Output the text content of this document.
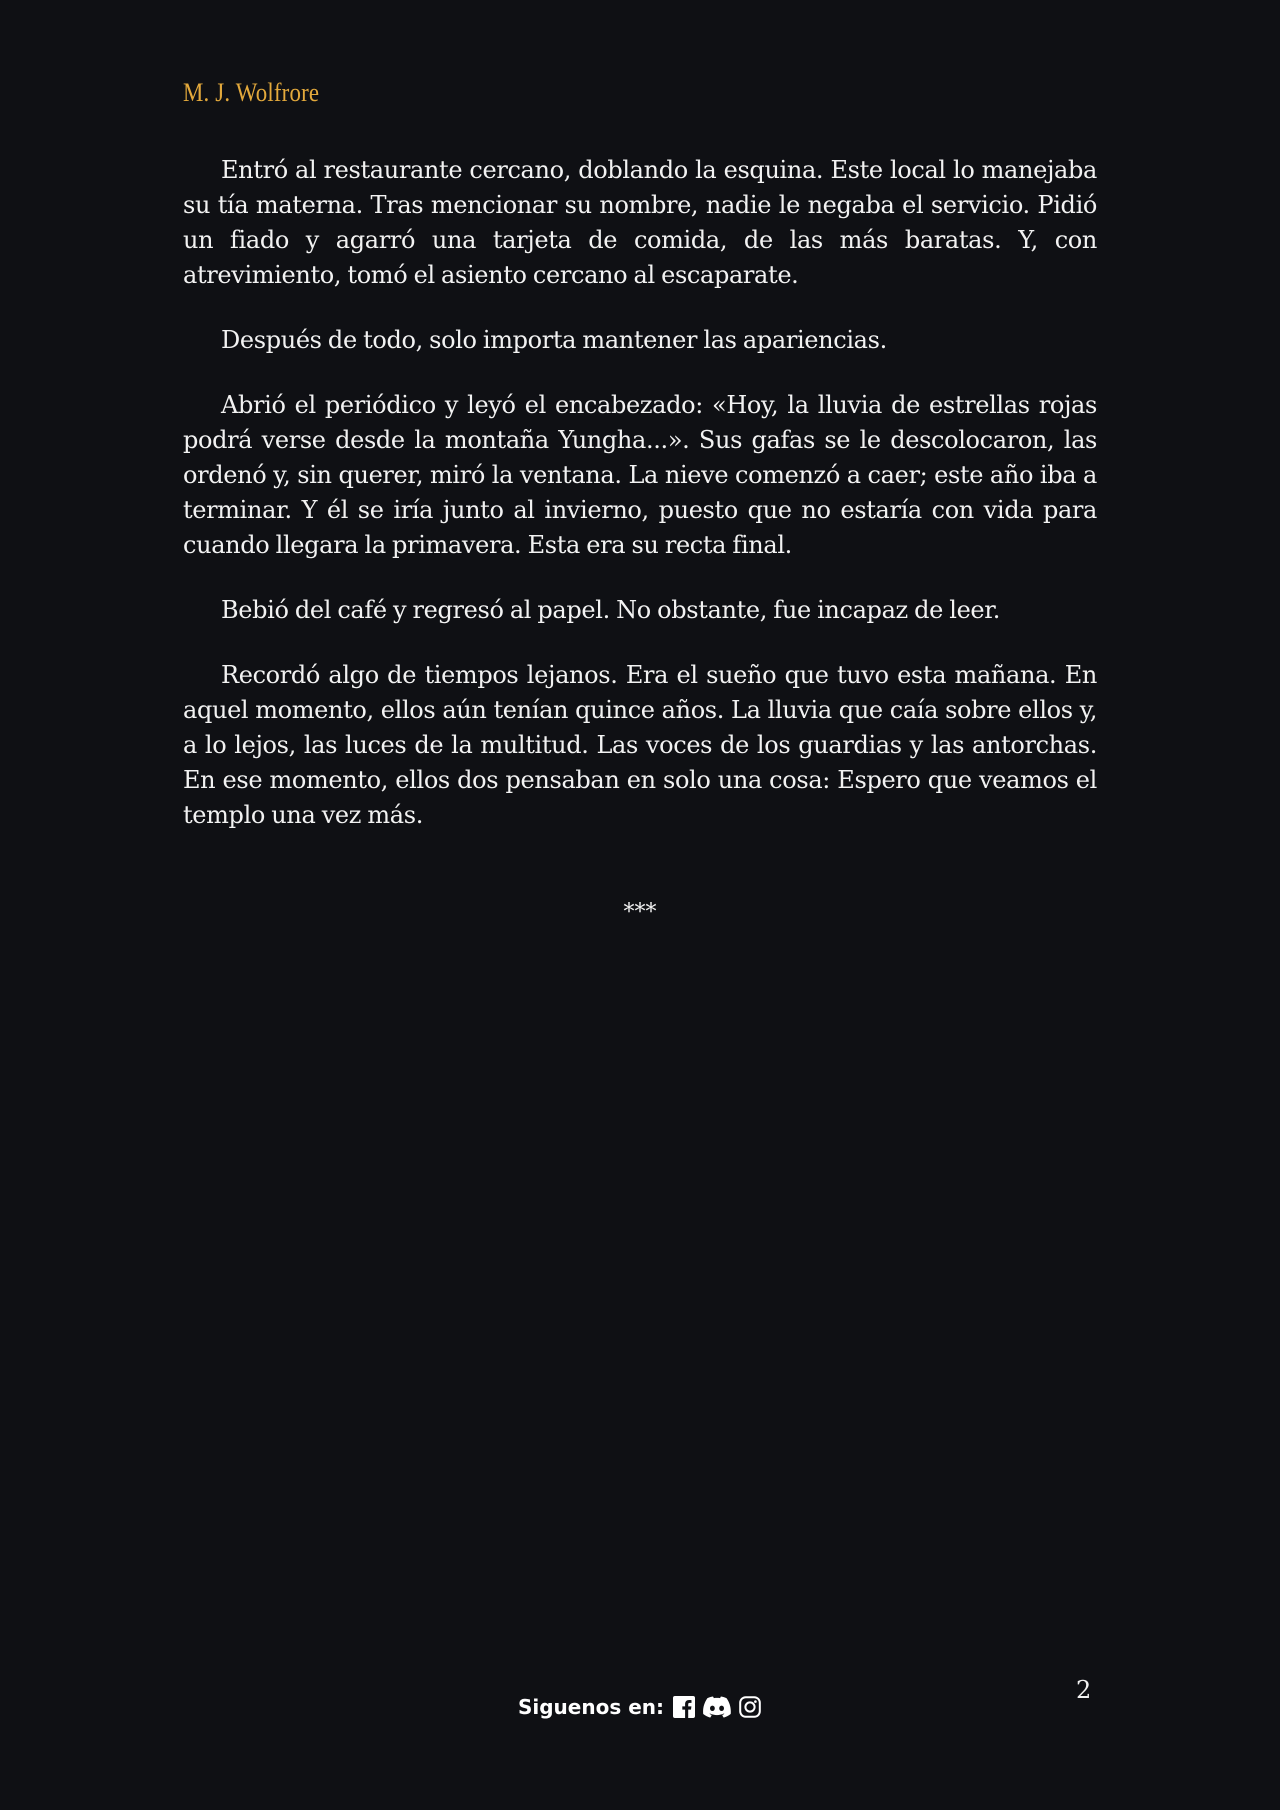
M. J. Wolfrore

Entró al restaurante cercano, doblando la esquina. Este local lo manejaba su tía materna. Tras mencionar su nombre, nadie le negaba el servicio. Pidió un fiado y agarró una tarjeta de comida, de las más baratas. Y, con atrevimiento, tomó el asiento cercano al escaparate.

Después de todo, solo importa mantener las apariencias.

Abrió el periódico y leyó el encabezado: «Hoy, la lluvia de estrellas rojas podrá verse desde la montaña Yungha...». Sus gafas se le descolocaron, las ordenó y, sin querer, miró la ventana. La nieve comenzó a caer; este año iba a terminar. Y él se iría junto al invierno, puesto que no estaría con vida para cuando llegara la primavera. Esta era su recta final.

Bebió del café y regresó al papel. No obstante, fue incapaz de leer.

Recordó algo de tiempos lejanos. Era el sueño que tuvo esta mañana. En aquel momento, ellos aún tenían quince años. La lluvia que caía sobre ellos y, a lo lejos, las luces de la multitud. Las voces de los guardias y las antorchas. En ese momento, ellos dos pensaban en solo una cosa: Espero que veamos el templo una vez más.

***
2
Siguenos en:
